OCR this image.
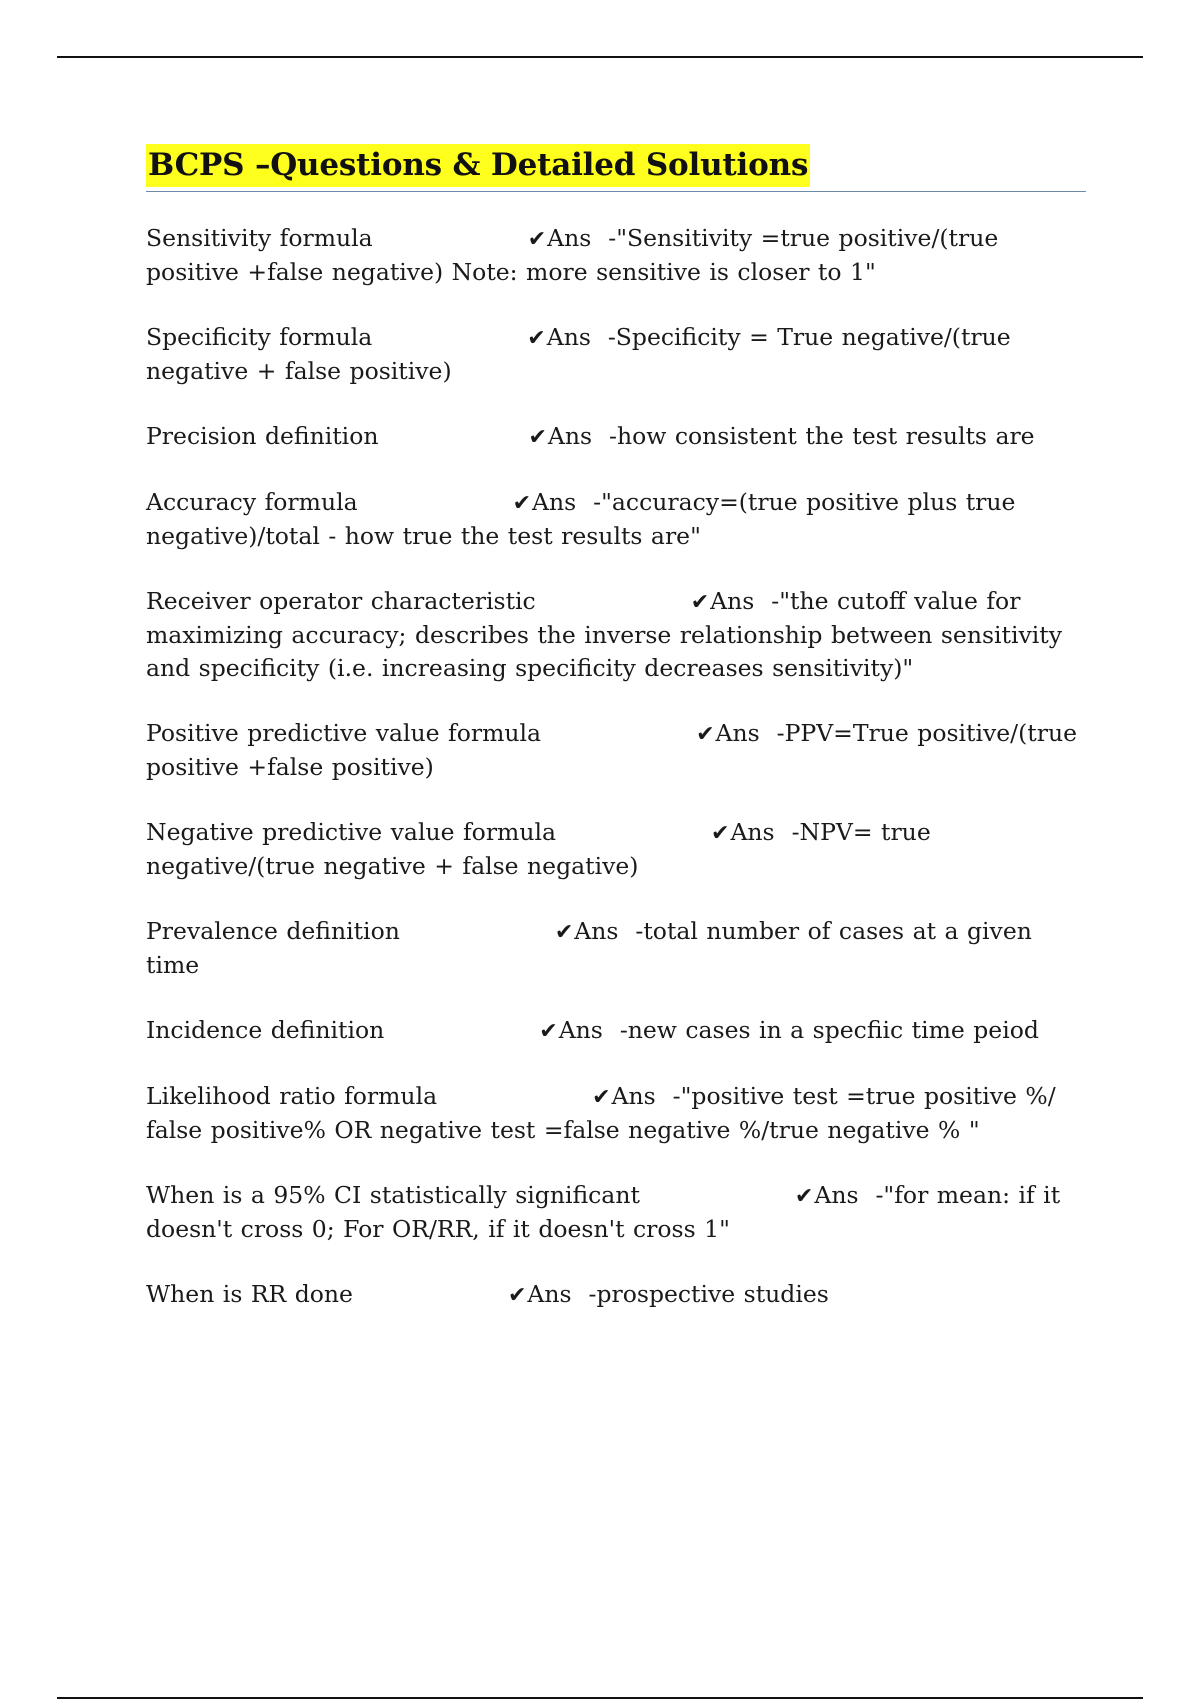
BCPS –Questions & Detailed Solutions
Sensitivity formula	✔Ans -"Sensitivity =true positive/(true positive +false negative) Note: more sensitive is closer to 1"
Specificity formula	✔Ans -Specificity = True negative/(true negative + false positive)
Precision definition	✔Ans -how consistent the test results are
Accuracy formula	✔Ans -"accuracy=(true positive plus true negative)/total - how true the test results are"
Receiver operator characteristic	✔Ans -"the cutoff value for maximizing accuracy; describes the inverse relationship between sensitivity and specificity (i.e. increasing specificity decreases sensitivity)"
Positive predictive value formula	✔Ans -PPV=True positive/(true positive +false positive)
Negative predictive value formula	✔Ans -NPV= true negative/(true negative + false negative)
Prevalence definition	✔Ans -total number of cases at a given time
Incidence definition	✔Ans -new cases in a specfiic time peiod
Likelihood ratio formula	✔Ans -"positive test =true positive %/ false positive% OR negative test =false negative %/true negative % "
When is a 95% CI statistically significant	✔Ans -"for mean: if it doesn't cross 0; For OR/RR, if it doesn't cross 1"
When is RR done	✔Ans -prospective studies
